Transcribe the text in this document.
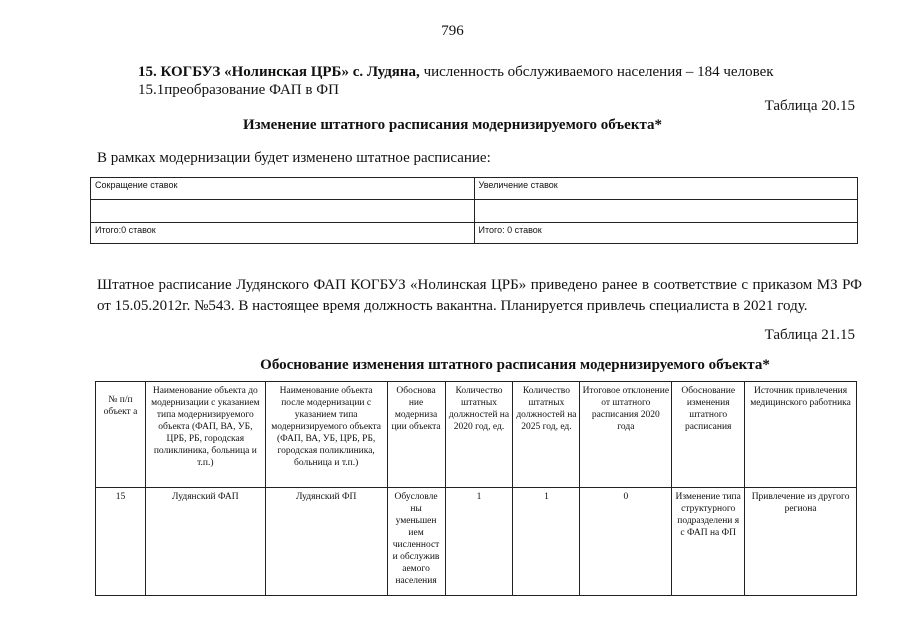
796
15. КОГБУЗ «Нолинская ЦРБ» с. Лудяна, численность обслуживаемого населения – 184 человек
15.1преобразование ФАП в ФП
Таблица 20.15
Изменение штатного расписания модернизируемого объекта*
В рамках модернизации будет изменено штатное расписание:
Сокращение ставок	Увеличение ставок

Итого:0 ставок	Итого: 0 ставок
Штатное расписание Лудянского ФАП КОГБУЗ «Нолинская ЦРБ» приведено ранее в соответствие с приказом МЗ РФ от 15.05.2012г. №543. В настоящее время должность вакантна. Планируется привлечь специалиста в 2021 году.
Таблица 21.15
Обоснование изменения штатного расписания модернизируемого объекта*
№ п/п объект а	Наименование объекта до модернизации с указанием типа модернизируемого объекта (ФАП, ВА, УБ, ЦРБ, РБ, городская поликлиника, больница и т.п.)	Наименование объекта после модернизации с указанием типа модернизируемого объекта (ФАП, ВА, УБ, ЦРБ, РБ, городская поликлиника, больница и т.п.)	Обоснова ние модерниза ции объекта	Количество штатных должностей на 2020 год, ед.	Количество штатных должностей на 2025 год, ед.	Итоговое отклонение от штатного расписания 2020 года	Обоснование изменения штатного расписания	Источник привлечения медицинского работника
15	Лудянский ФАП	Лудянский ФП	Обусловле ны уменьшен ием численност и обслужив аемого населения	1	1	0	Изменение типа структурного подразделени я с ФАП на ФП	Привлечение из другого региона
